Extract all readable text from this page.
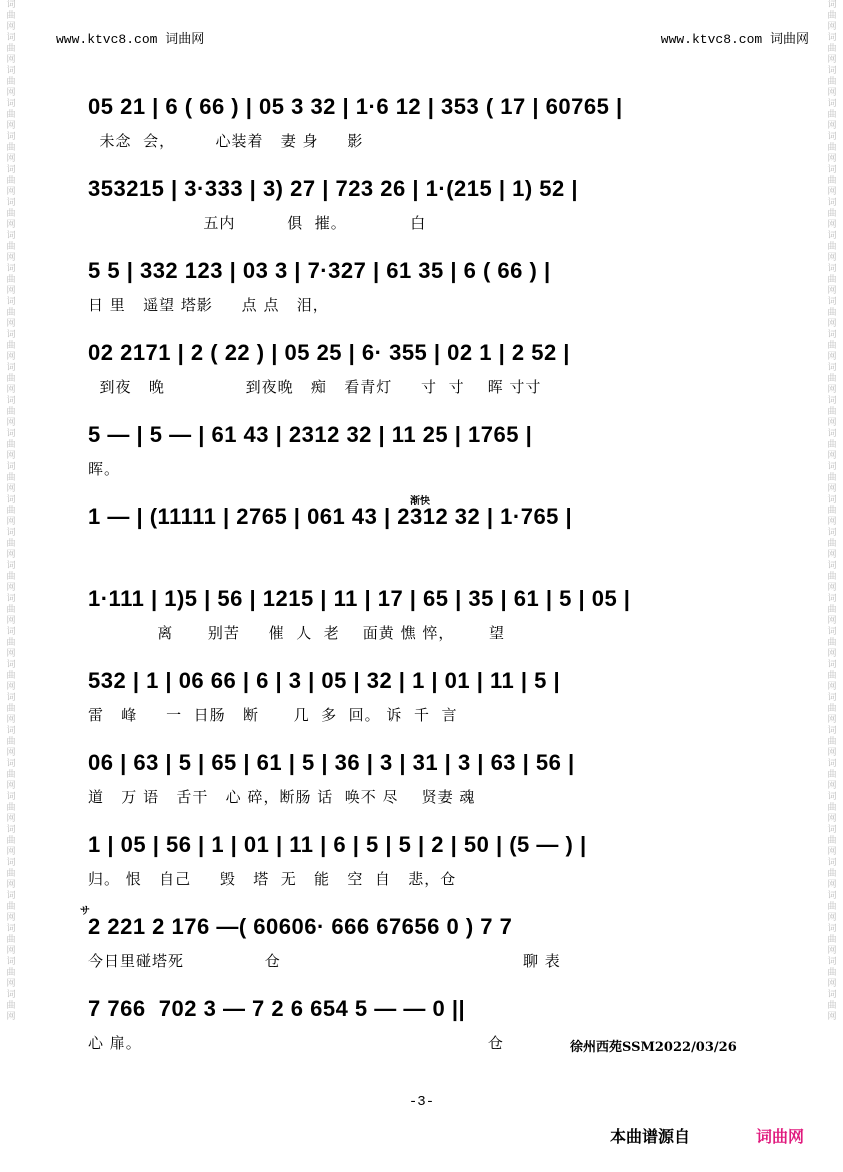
www.ktvc8.com 词曲网	www.ktvc8.com 词曲网
词曲网词曲网词曲网词曲网词曲网词曲网词曲网词曲网词曲网词曲网词曲网词曲网词曲网词曲网词曲网词曲网词曲网词曲网词曲网词曲网词曲网词曲网词曲网词曲网词曲网词曲网词曲网词曲网词曲网词曲网词曲网
词曲网词曲网词曲网词曲网词曲网词曲网词曲网词曲网词曲网词曲网词曲网词曲网词曲网词曲网词曲网词曲网词曲网词曲网词曲网词曲网词曲网词曲网词曲网词曲网词曲网词曲网词曲网词曲网词曲网词曲网词曲网
05 21 | 6 ( 66 ) | 05 3 32 | 1·6 12 | 353 ( 17 | 60765 |
未念  会，       心装着   妻 身     影
353215 | 3·333 | 3) 27 | 723 26 | 1·(215 | 1) 52 |
五内         俱  摧。           白
5 5 | 332 123 | 03 3 | 7·327 | 61 35 | 6 ( 66 ) |
日 里   遥望 塔影     点 点   泪，
02 2171 | 2 ( 22 ) | 05 25 | 6· 355 | 02 1 | 2 52 |
到夜   晚              到夜晚   痴   看青灯     寸  寸    晖 寸寸
5 — | 5 — | 61 43 | 2312 32 | 11 25 | 1765 |
晖。
渐快
1 — | (11111 | 2765 | 061 43 | 2312 32 | 1·765 |
1·111 | 1)5 | 56 | 1215 | 11 | 17 | 65 | 35 | 61 | 5 | 05 |
离      别苦     催  人  老    面黄 憔 悴，      望
532 | 1 | 06 66 | 6 | 3 | 05 | 32 | 1 | 01 | 11 | 5 |
雷   峰     一  日肠   断      几  多  回。 诉  千  言
06 | 63 | 5 | 65 | 61 | 5 | 36 | 3 | 31 | 3 | 63 | 56 |
道   万 语   舌干   心 碎，断肠 话  唤不 尽    贤妻 魂
1 | 05 | 56 | 1 | 01 | 11 | 6 | 5 | 5 | 2 | 50 | (5 — ) |
归。 恨   自己     毁   塔  无   能   空  自   悲，仓
サ
2 221 2 176 —( 60606· 666 67656 0 ) 7 7
今日里碰塔死              仓                                          聊 表
7 766  702 3 — 7 2 6 654 5 — — 0 ||
心 扉。                                                            仓	徐州西苑SSM2022/03/26
-3-
本曲谱源自	词曲网
